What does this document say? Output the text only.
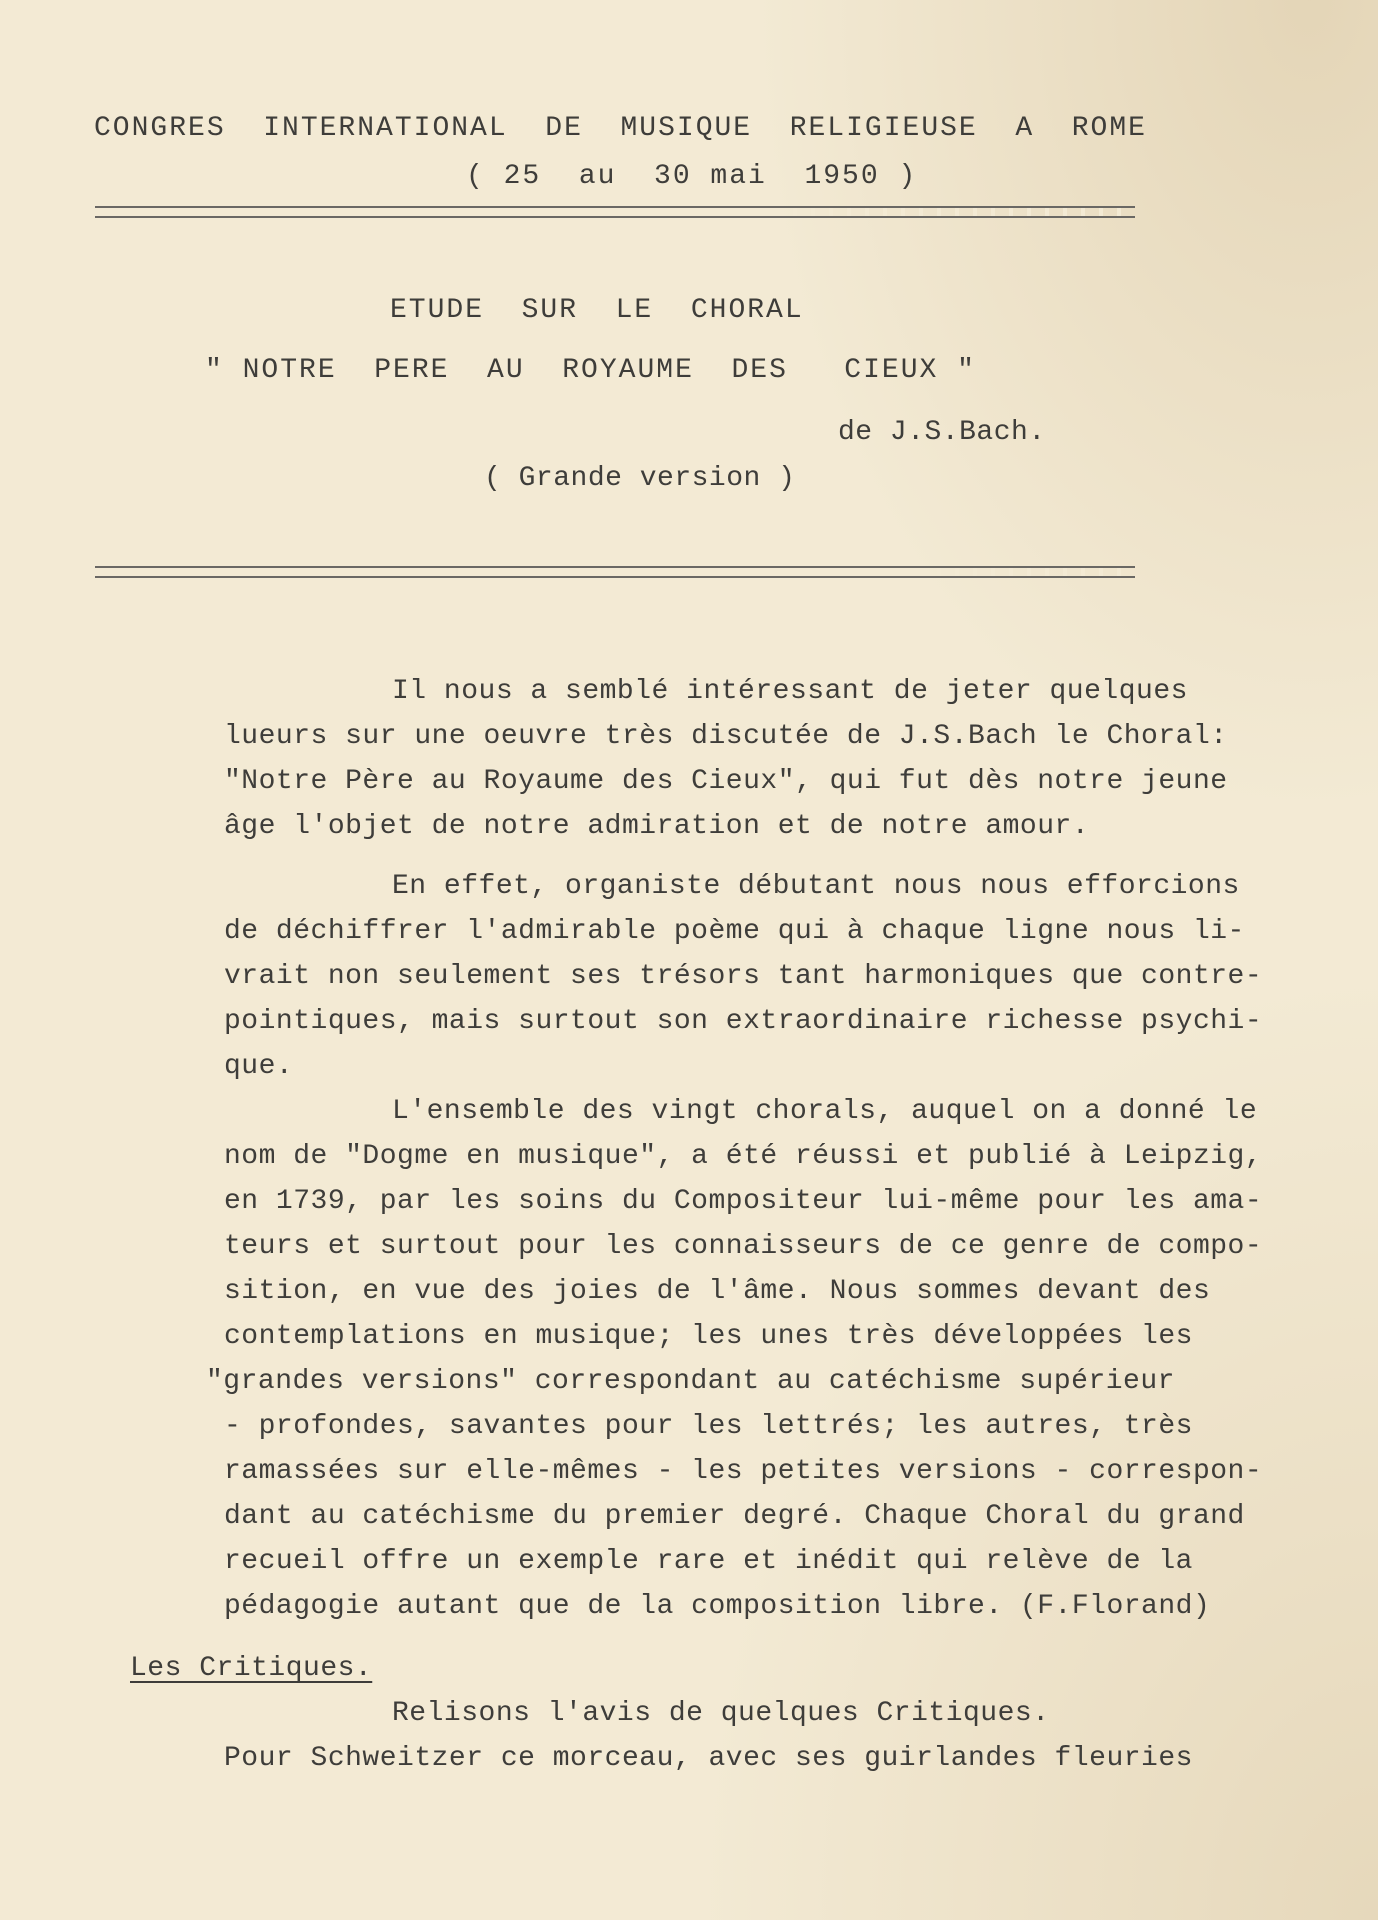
CONGRES  INTERNATIONAL  DE  MUSIQUE  RELIGIEUSE  A  ROME
( 25  au  30 mai  1950 )
ETUDE  SUR  LE  CHORAL
" NOTRE  PERE  AU  ROYAUME  DES   CIEUX "
de J.S.Bach.
( Grande version )
Il nous a semblé intéressant de jeter quelques
lueurs sur une oeuvre très discutée de J.S.Bach le Choral:
"Notre Père au Royaume des Cieux", qui fut dès notre jeune
âge l'objet de notre admiration et de notre amour.
En effet, organiste débutant nous nous efforcions
de déchiffrer l'admirable poème qui à chaque ligne nous li-
vrait non seulement ses trésors tant harmoniques que contre-
pointiques, mais surtout son extraordinaire richesse psychi-
que.
L'ensemble des vingt chorals, auquel on a donné le
nom de "Dogme en musique", a été réussi et publié à Leipzig,
en 1739, par les soins du Compositeur lui-même pour les ama-
teurs et surtout pour les connaisseurs de ce genre de compo-
sition, en vue des joies de l'âme. Nous sommes devant des
contemplations en musique; les unes très développées les
"grandes versions" correspondant au catéchisme supérieur
- profondes, savantes pour les lettrés; les autres, très
ramassées sur elle-mêmes - les petites versions - correspon-
dant au catéchisme du premier degré. Chaque Choral du grand
recueil offre un exemple rare et inédit qui relève de la
pédagogie autant que de la composition libre. (F.Florand)
Les Critiques.
Relisons l'avis de quelques Critiques.
Pour Schweitzer ce morceau, avec ses guirlandes fleuries
